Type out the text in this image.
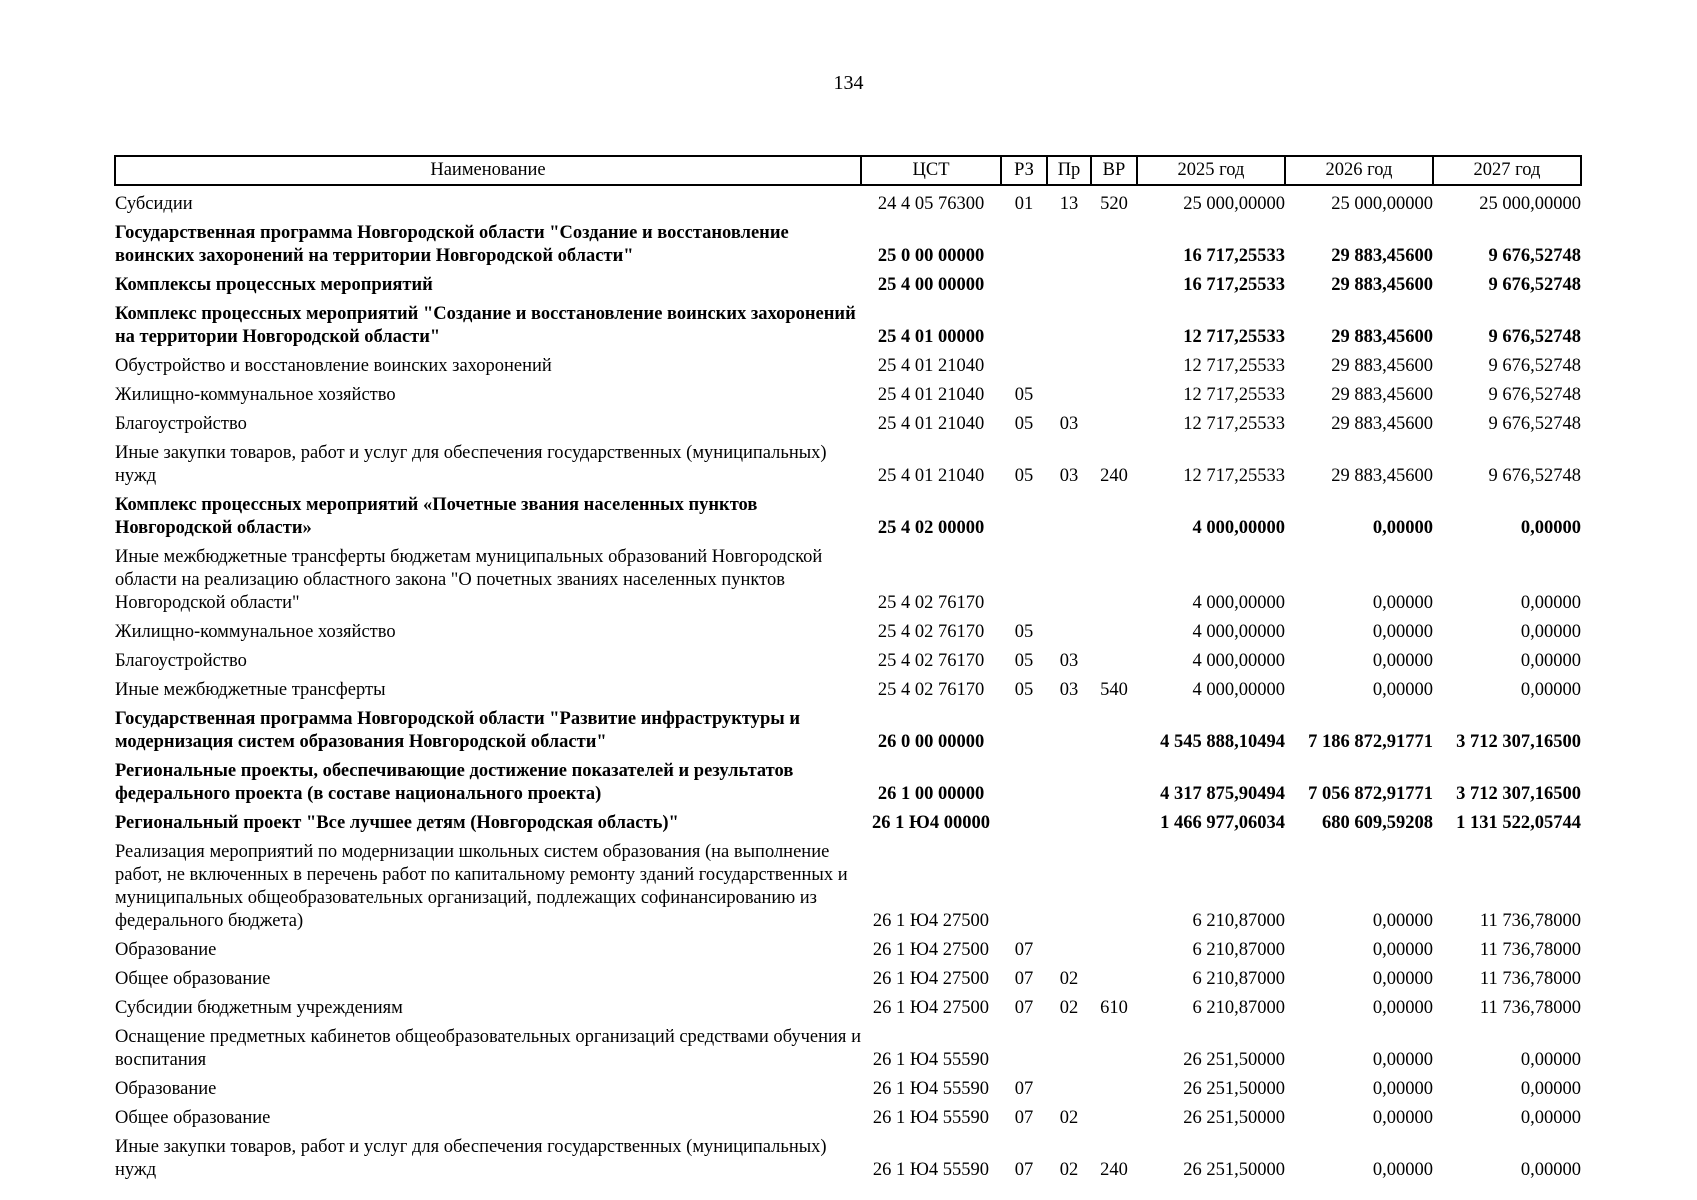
134
Наименование	ЦСТ	РЗ	Пр	ВР	2025 год	2026 год	2027 год
Субсидии	24 4 05 76300	01	13	520	25 000,00000	25 000,00000	25 000,00000
Государственная программа Новгородской области "Создание и восстановление воинских захоронений на территории Новгородской области"	25 0 00 00000				16 717,25533	29 883,45600	9 676,52748
Комплексы процессных мероприятий	25 4 00 00000				16 717,25533	29 883,45600	9 676,52748
Комплекс процессных мероприятий "Создание и восстановление воинских захоронений на территории Новгородской области"	25 4 01 00000				12 717,25533	29 883,45600	9 676,52748
Обустройство и восстановление воинских захоронений	25 4 01 21040				12 717,25533	29 883,45600	9 676,52748
Жилищно-коммунальное хозяйство	25 4 01 21040	05			12 717,25533	29 883,45600	9 676,52748
Благоустройство	25 4 01 21040	05	03		12 717,25533	29 883,45600	9 676,52748
Иные закупки товаров, работ и услуг для обеспечения государственных (муниципальных) нужд	25 4 01 21040	05	03	240	12 717,25533	29 883,45600	9 676,52748
Комплекс процессных мероприятий «Почетные звания населенных пунктов Новгородской области»	25 4 02 00000				4 000,00000	0,00000	0,00000
Иные межбюджетные трансферты бюджетам муниципальных образований Новгородской области на реализацию областного закона "О почетных званиях населенных пунктов Новгородской области"	25 4 02 76170				4 000,00000	0,00000	0,00000
Жилищно-коммунальное хозяйство	25 4 02 76170	05			4 000,00000	0,00000	0,00000
Благоустройство	25 4 02 76170	05	03		4 000,00000	0,00000	0,00000
Иные межбюджетные трансферты	25 4 02 76170	05	03	540	4 000,00000	0,00000	0,00000
Государственная программа Новгородской области "Развитие инфраструктуры и модернизация систем образования Новгородской области"	26 0 00 00000				4 545 888,10494	7 186 872,91771	3 712 307,16500
Региональные проекты, обеспечивающие достижение показателей и результатов федерального проекта (в составе национального проекта)	26 1 00 00000				4 317 875,90494	7 056 872,91771	3 712 307,16500
Региональный проект "Все лучшее детям (Новгородская область)"	26 1 Ю4 00000				1 466 977,06034	680 609,59208	1 131 522,05744
Реализация мероприятий по модернизации школьных систем образования (на выполнение работ, не включенных в перечень работ по капитальному ремонту зданий государственных и муниципальных общеобразовательных организаций, подлежащих софинансированию из федерального бюджета)	26 1 Ю4 27500				6 210,87000	0,00000	11 736,78000
Образование	26 1 Ю4 27500	07			6 210,87000	0,00000	11 736,78000
Общее образование	26 1 Ю4 27500	07	02		6 210,87000	0,00000	11 736,78000
Субсидии бюджетным учреждениям	26 1 Ю4 27500	07	02	610	6 210,87000	0,00000	11 736,78000
Оснащение предметных кабинетов общеобразовательных организаций средствами обучения и воспитания	26 1 Ю4 55590				26 251,50000	0,00000	0,00000
Образование	26 1 Ю4 55590	07			26 251,50000	0,00000	0,00000
Общее образование	26 1 Ю4 55590	07	02		26 251,50000	0,00000	0,00000
Иные закупки товаров, работ и услуг для обеспечения государственных (муниципальных) нужд	26 1 Ю4 55590	07	02	240	26 251,50000	0,00000	0,00000
